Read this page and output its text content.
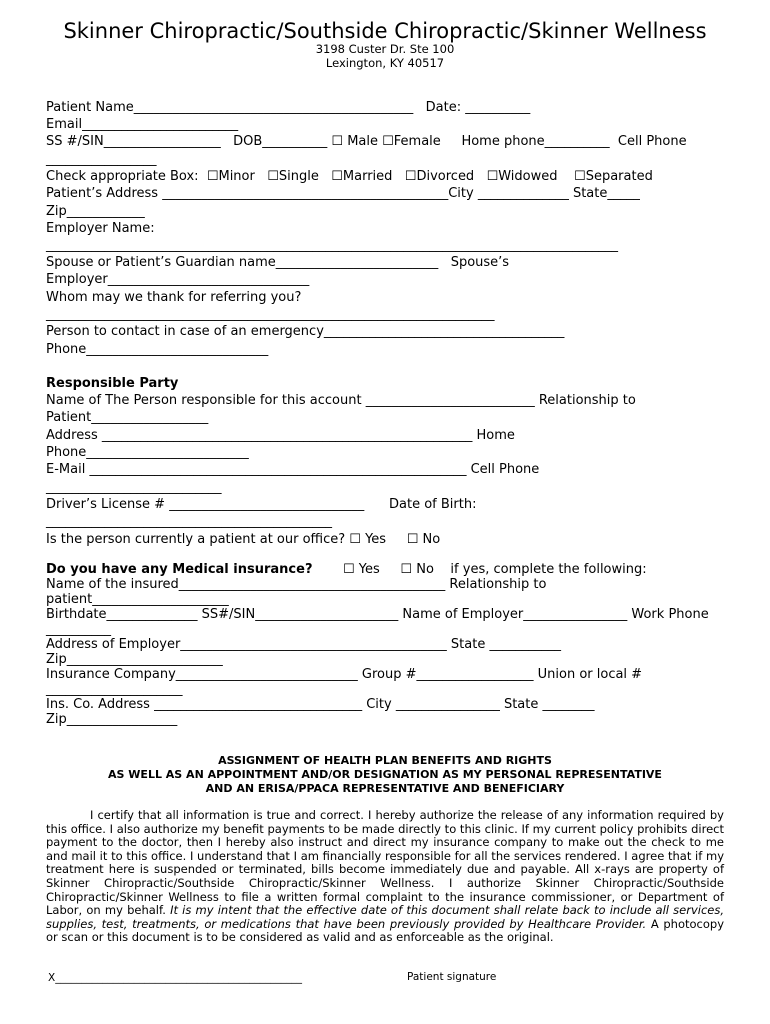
Skinner Chiropractic/Southside Chiropractic/Skinner Wellness
3198 Custer Dr. Ste 100
Lexington, KY 40517
Patient Name___________________________________________   Date: __________
Email________________________
SS #/SIN__________________   DOB__________ ☐ Male ☐Female     Home phone__________  Cell Phone
_________________
Check appropriate Box:  ☐Minor   ☐Single   ☐Married   ☐Divorced   ☐Widowed    ☐Separated
Patient’s Address ____________________________________________City ______________ State_____
Zip____________
Employer Name:
________________________________________________________________________________________
Spouse or Patient’s Guardian name_________________________   Spouse’s
Employer_______________________________
Whom may we thank for referring you?
_____________________________________________________________________
Person to contact in case of an emergency_____________________________________
Phone____________________________
Responsible Party
Name of The Person responsible for this account __________________________ Relationship to
Patient__________________
Address _________________________________________________________ Home
Phone_________________________
E-Mail __________________________________________________________ Cell Phone
___________________________
Driver’s License # ______________________________      Date of Birth:
____________________________________________
Is the person currently a patient at our office? ☐ Yes     ☐ No
Do you have any Medical insurance? ☐ Yes     ☐ No    if yes, complete the following:
Name of the insured_________________________________________ Relationship to
patient_____________________
Birthdate______________ SS#/SIN______________________ Name of Employer________________ Work Phone
__________
Address of Employer_________________________________________ State ___________
Zip________________________
Insurance Company____________________________ Group #__________________ Union or local #
_____________________
Ins. Co. Address ________________________________ City ________________ State ________
Zip_________________
ASSIGNMENT OF HEALTH PLAN BENEFITS AND RIGHTS
AS WELL AS AN APPOINTMENT AND/OR DESIGNATION AS MY PERSONAL REPRESENTATIVE
AND AN ERISA/PPACA REPRESENTATIVE AND BENEFICIARY
I certify that all information is true and correct. I hereby authorize the release of any information required by this office. I also authorize my benefit payments to be made directly to this clinic. If my current policy prohibits direct payment to the doctor, then I hereby also instruct and direct my insurance company to make out the check to me and mail it to this office. I understand that I am financially responsible for all the services rendered. I agree that if my treatment here is suspended or terminated, bills become immediately due and payable. All x-rays are property of Skinner Chiropractic/Southside Chiropractic/Skinner Wellness. I authorize Skinner Chiropractic/Southside Chiropractic/Skinner Wellness to file a written formal complaint to the insurance commissioner, or Department of Labor, on my behalf. It is my intent that the effective date of this document shall relate back to include all services, supplies, test, treatments, or medications that have been previously provided by Healthcare Provider. A photocopy or scan or this document is to be considered as valid and as enforceable as the original.
X_______________________________________________	Patient signature
